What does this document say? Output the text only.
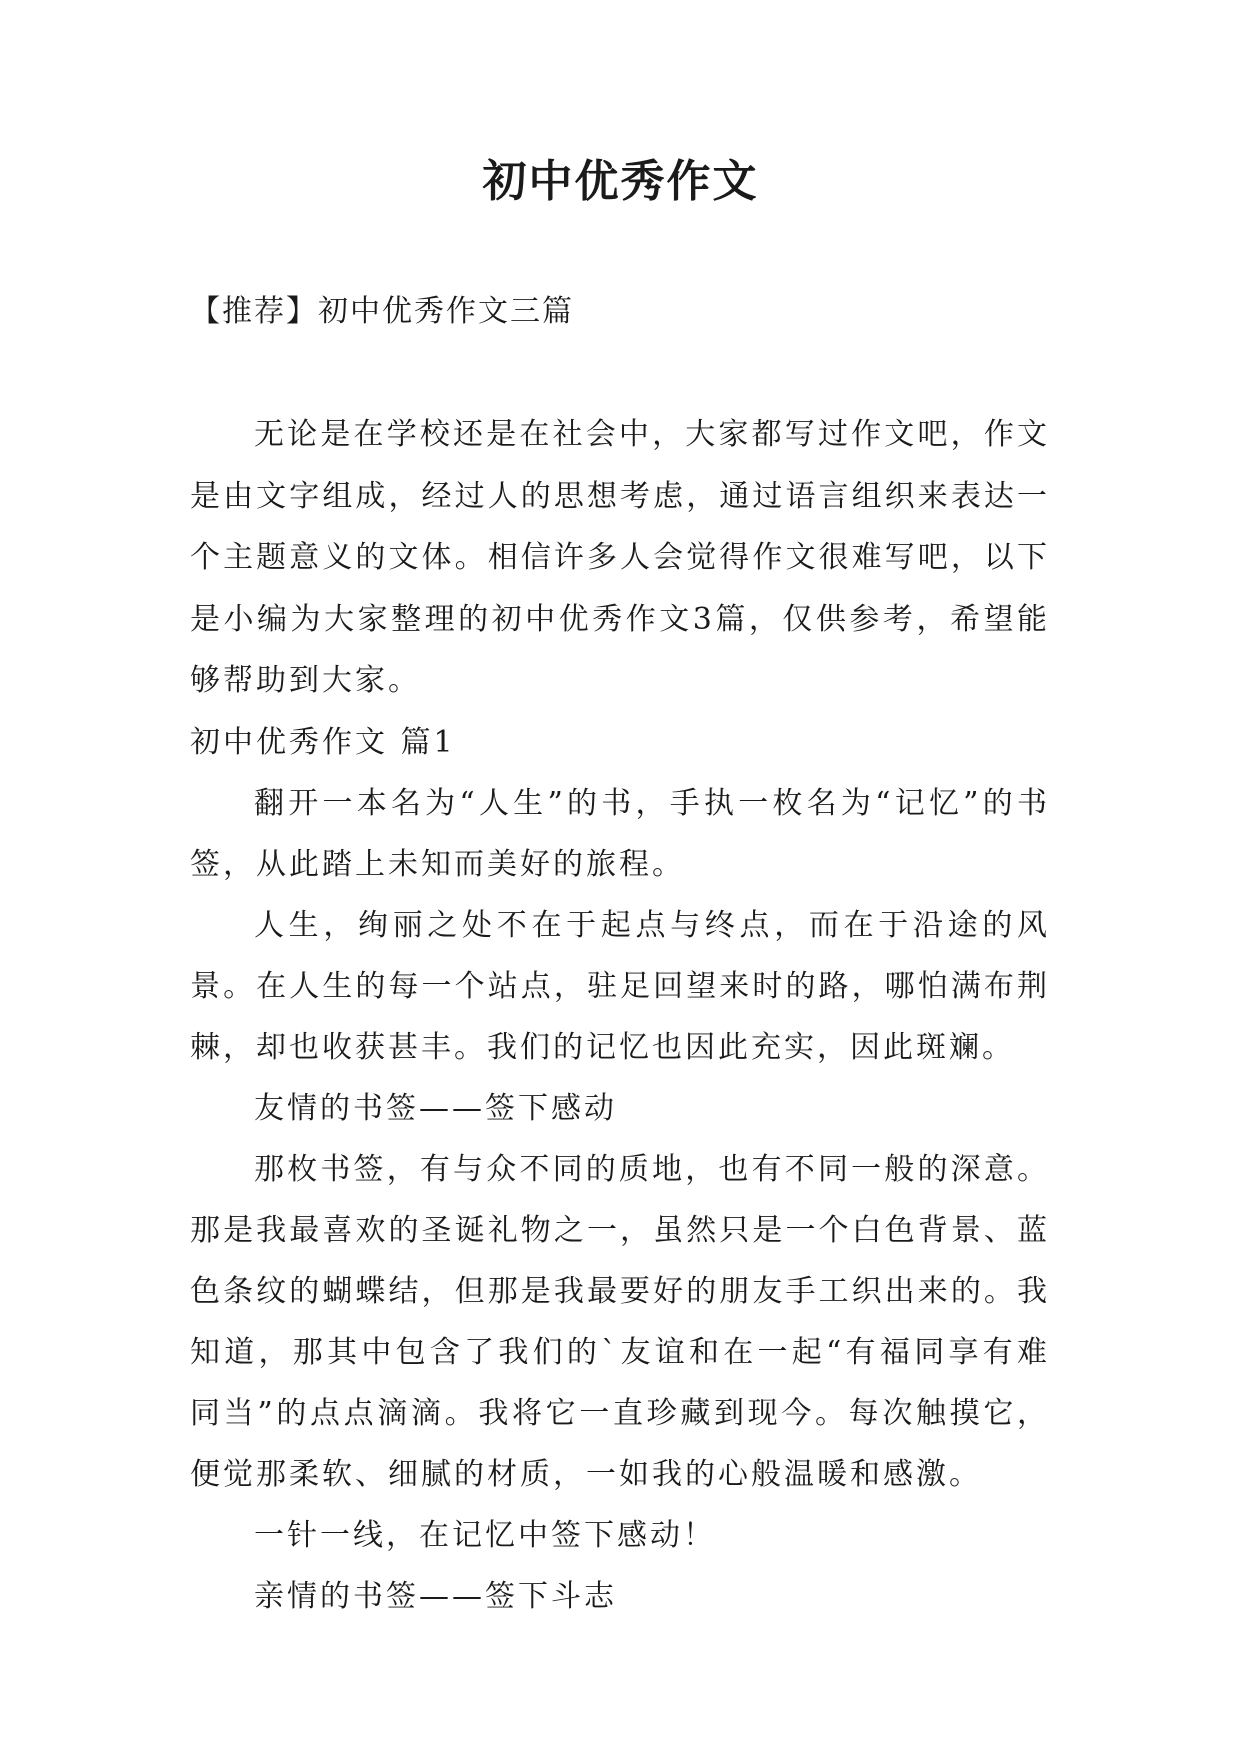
初中优秀作文

【推荐】初中优秀作文三篇

无论是在学校还是在社会中，大家都写过作文吧，作文是由文字组成，经过人的思想考虑，通过语言组织来表达一个主题意义的文体。相信许多人会觉得作文很难写吧，以下是小编为大家整理的初中优秀作文3篇，仅供参考，希望能够帮助到大家。

初中优秀作文 篇1

翻开一本名为“人生”的书，手执一枚名为“记忆”的书签，从此踏上未知而美好的旅程。

人生，绚丽之处不在于起点与终点，而在于沿途的风景。在人生的每一个站点，驻足回望来时的路，哪怕满布荆棘，却也收获甚丰。我们的记忆也因此充实，因此斑斓。

友情的书签——签下感动

那枚书签，有与众不同的质地，也有不同一般的深意。那是我最喜欢的圣诞礼物之一，虽然只是一个白色背景、蓝色条纹的蝴蝶结，但那是我最要好的朋友手工织出来的。我知道，那其中包含了我们的`友谊和在一起“有福同享有难同当”的点点滴滴。我将它一直珍藏到现今。每次触摸它，便觉那柔软、细腻的材质，一如我的心般温暖和感激。

一针一线，在记忆中签下感动！

亲情的书签——签下斗志
